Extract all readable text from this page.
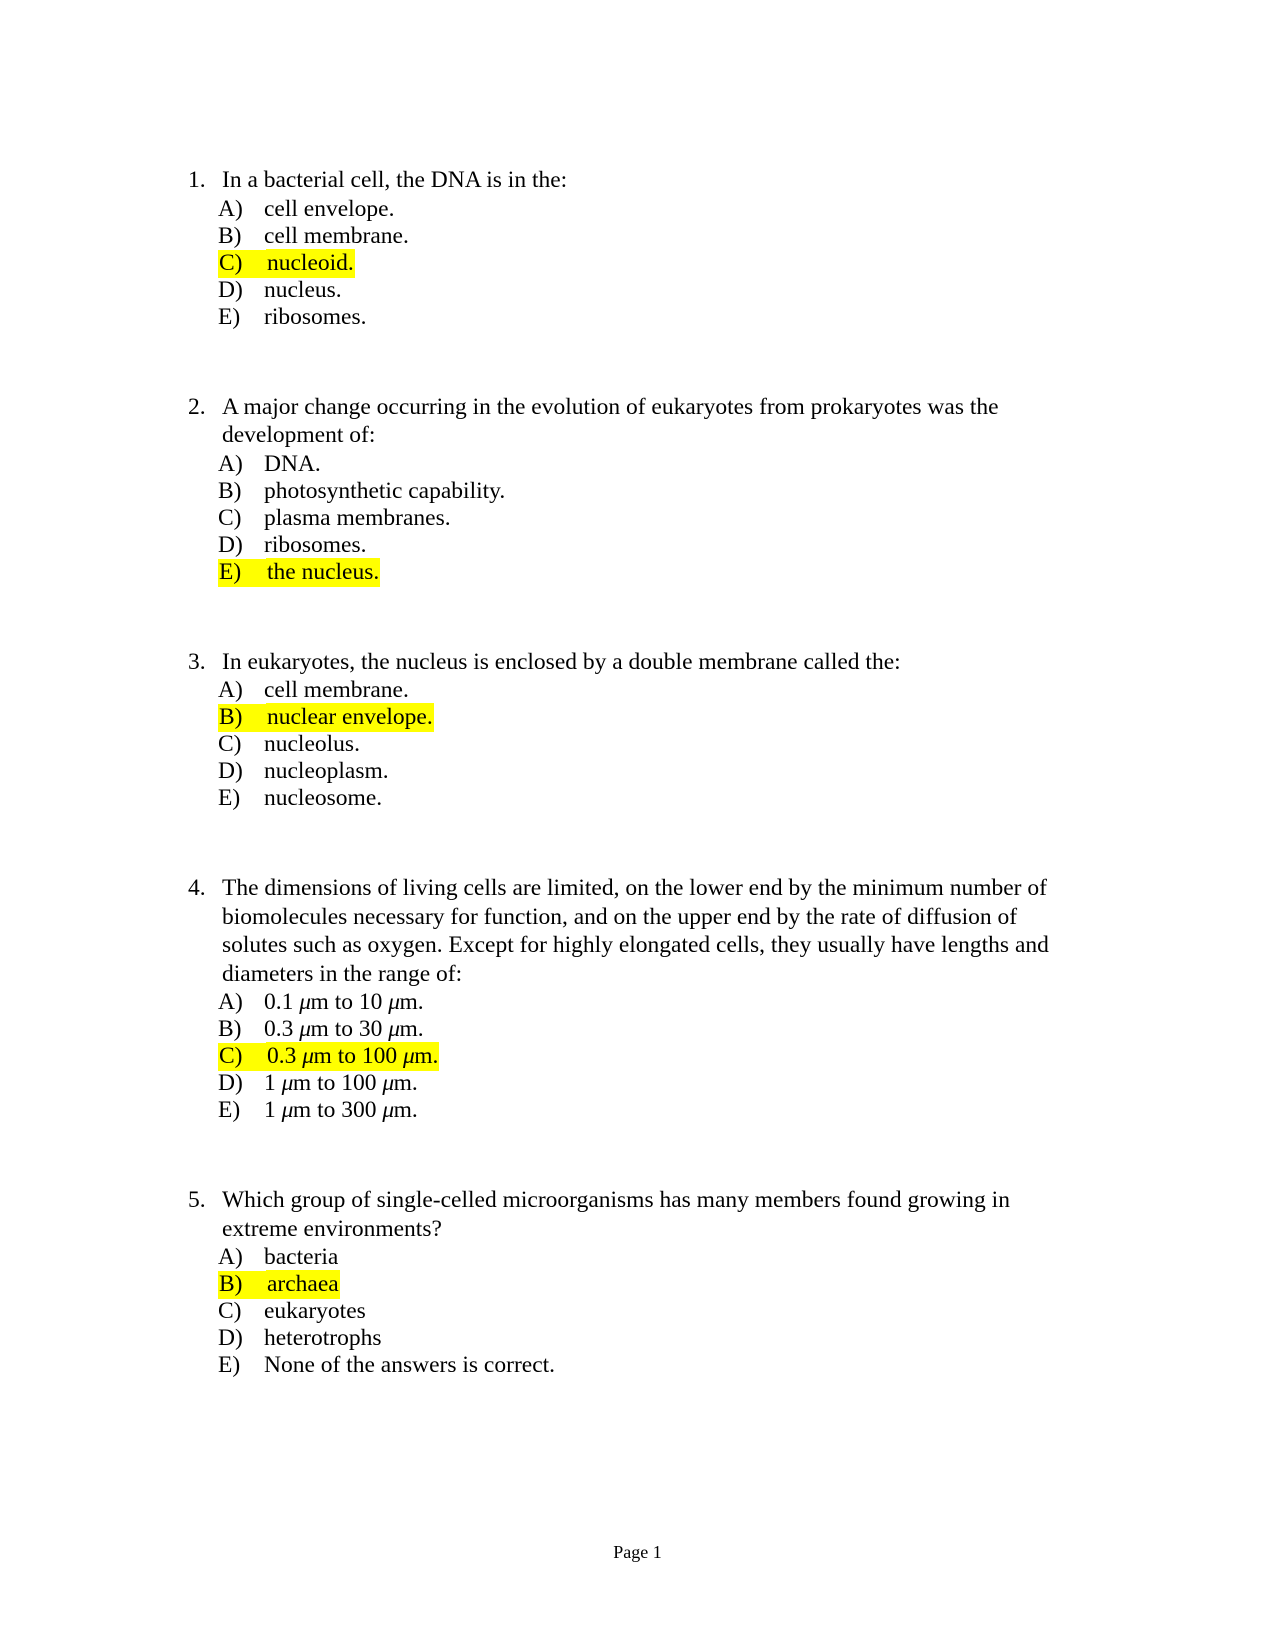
1. In a bacterial cell, the DNA is in the:
A) cell envelope.
B) cell membrane.
C) nucleoid.
D) nucleus.
E) ribosomes.
2. A major change occurring in the evolution of eukaryotes from prokaryotes was the development of:
A) DNA.
B) photosynthetic capability.
C) plasma membranes.
D) ribosomes.
E) the nucleus.
3. In eukaryotes, the nucleus is enclosed by a double membrane called the:
A) cell membrane.
B) nuclear envelope.
C) nucleolus.
D) nucleoplasm.
E) nucleosome.
4. The dimensions of living cells are limited, on the lower end by the minimum number of biomolecules necessary for function, and on the upper end by the rate of diffusion of solutes such as oxygen. Except for highly elongated cells, they usually have lengths and diameters in the range of:
A) 0.1 μm to 10 μm.
B) 0.3 μm to 30 μm.
C) 0.3 μm to 100 μm.
D) 1 μm to 100 μm.
E) 1 μm to 300 μm.
5. Which group of single-celled microorganisms has many members found growing in extreme environments?
A) bacteria
B) archaea
C) eukaryotes
D) heterotrophs
E) None of the answers is correct.
Page 1
